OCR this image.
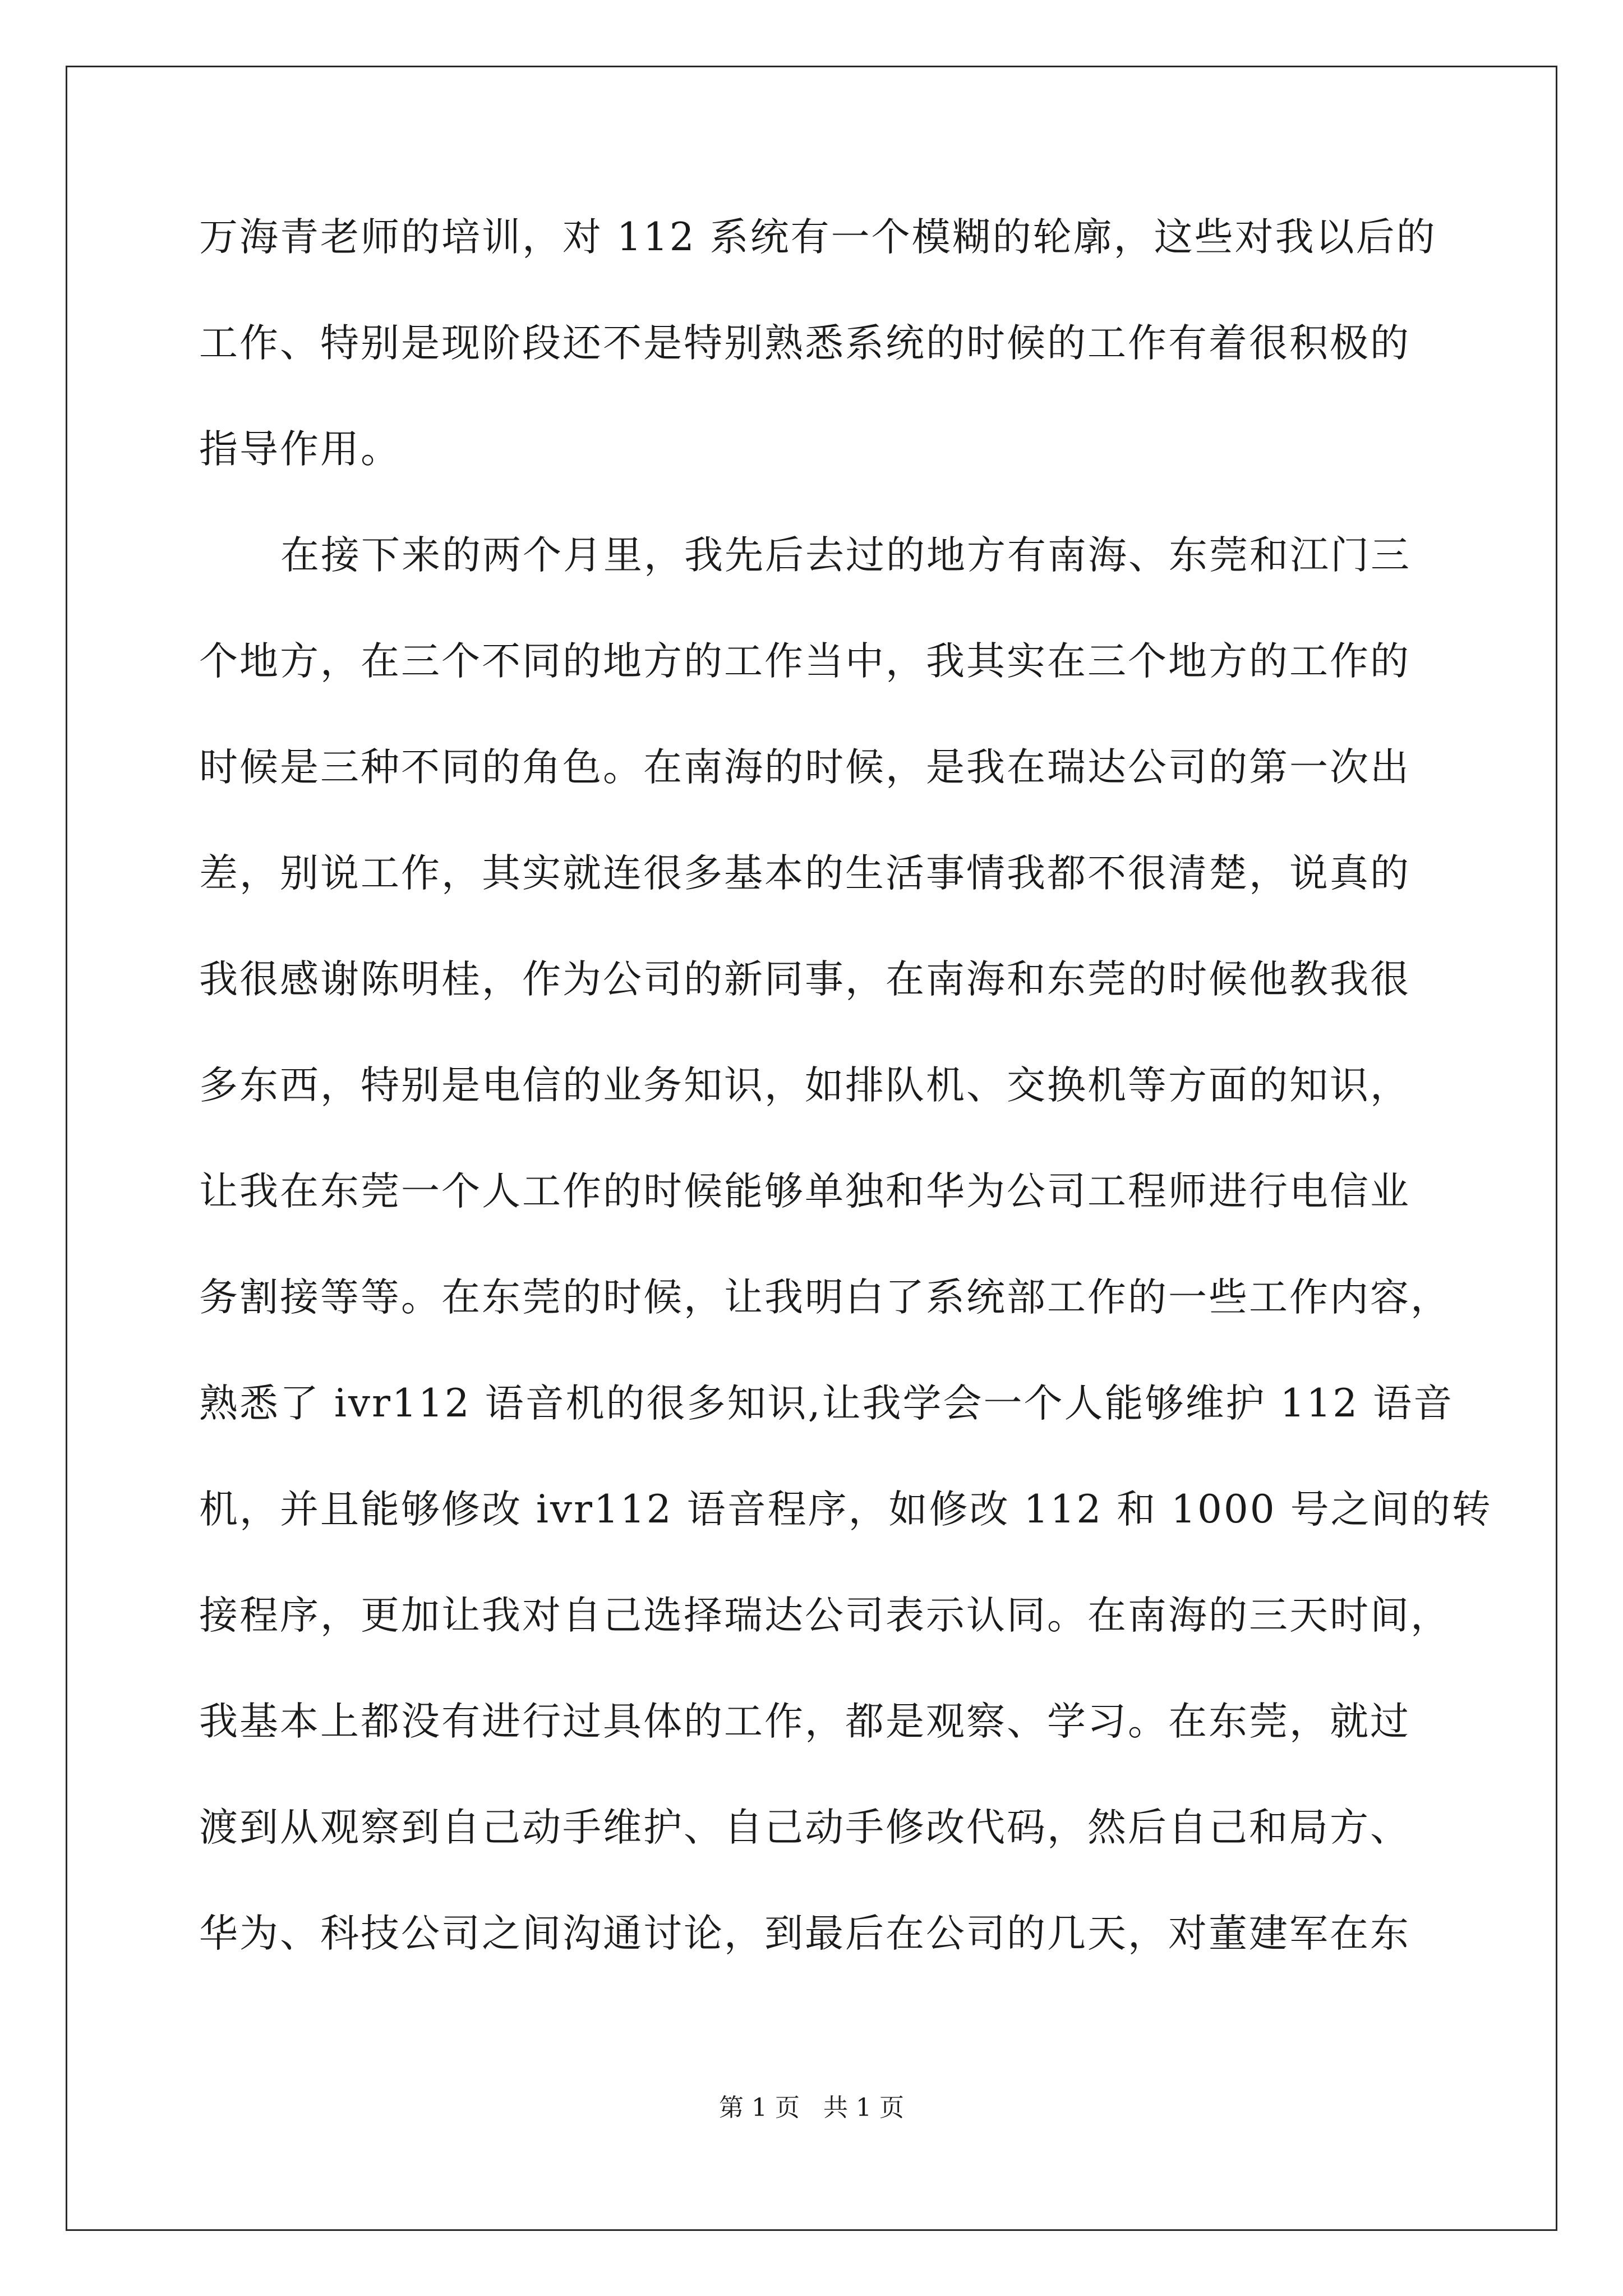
万海青老师的培训，对 112 系统有一个模糊的轮廓，这些对我以后的
工作、特别是现阶段还不是特别熟悉系统的时候的工作有着很积极的
指导作用。
在接下来的两个月里，我先后去过的地方有南海、东莞和江门三
个地方，在三个不同的地方的工作当中，我其实在三个地方的工作的
时候是三种不同的角色。在南海的时候，是我在瑞达公司的第一次出
差，别说工作，其实就连很多基本的生活事情我都不很清楚，说真的
我很感谢陈明桂，作为公司的新同事，在南海和东莞的时候他教我很
多东西，特别是电信的业务知识，如排队机、交换机等方面的知识，
让我在东莞一个人工作的时候能够单独和华为公司工程师进行电信业
务割接等等。在东莞的时候，让我明白了系统部工作的一些工作内容，
熟悉了 ivr112 语音机的很多知识,让我学会一个人能够维护 112 语音
机，并且能够修改 ivr112 语音程序，如修改 112 和 1000 号之间的转
接程序，更加让我对自己选择瑞达公司表示认同。在南海的三天时间，
我基本上都没有进行过具体的工作，都是观察、学习。在东莞，就过
渡到从观察到自己动手维护、自己动手修改代码，然后自己和局方、
华为、科技公司之间沟通讨论，到最后在公司的几天，对董建军在东
第 1 页   共 1 页
